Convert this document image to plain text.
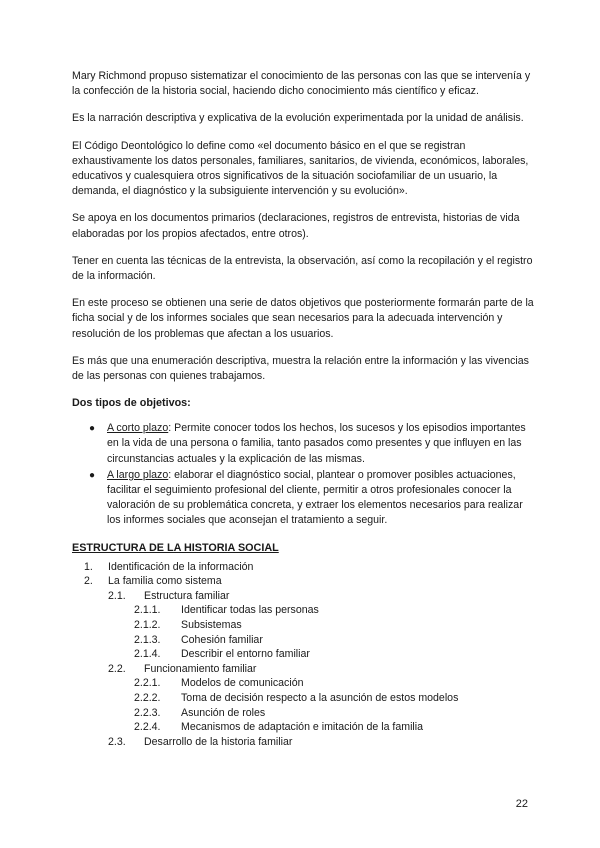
Mary Richmond propuso sistematizar el conocimiento de las personas con las que se intervenía y la confección de la historia social, haciendo dicho conocimiento más científico y eficaz.

Es la narración descriptiva y explicativa de la evolución experimentada por la unidad de análisis.

El Código Deontológico lo define como «el documento básico en el que se registran exhaustivamente los datos personales, familiares, sanitarios, de vivienda, económicos, laborales, educativos y cualesquiera otros significativos de la situación sociofamiliar de un usuario, la demanda, el diagnóstico y la subsiguiente intervención y su evolución».

Se apoya en los documentos primarios (declaraciones, registros de entrevista, historias de vida elaboradas por los propios afectados, entre otros).

Tener en cuenta las técnicas de la entrevista, la observación, así como la recopilación y el registro de la información.

En este proceso se obtienen una serie de datos objetivos que posteriormente formarán parte de la ficha social y de los informes sociales que sean necesarios para la adecuada intervención y resolución de los problemas que afectan a los usuarios.

Es más que una enumeración descriptiva, muestra la relación entre la información y las vivencias de las personas con quienes trabajamos.

Dos tipos de objetivos:
● A corto plazo: Permite conocer todos los hechos, los sucesos y los episodios importantes en la vida de una persona o familia, tanto pasados como presentes y que influyen en las circunstancias actuales y la explicación de las mismas.
● A largo plazo: elaborar el diagnóstico social, plantear o promover posibles actuaciones, facilitar el seguimiento profesional del cliente, permitir a otros profesionales conocer la valoración de su problemática concreta, y extraer los elementos necesarios para realizar los informes sociales que aconsejan el tratamiento a seguir.
ESTRUCTURA DE LA HISTORIA SOCIAL
1. Identificación de la información
2. La familia como sistema
2.1. Estructura familiar
2.1.1. Identificar todas las personas
2.1.2. Subsistemas
2.1.3. Cohesión familiar
2.1.4. Describir el entorno familiar
2.2. Funcionamiento familiar
2.2.1. Modelos de comunicación
2.2.2. Toma de decisión respecto a la asunción de estos modelos
2.2.3. Asunción de roles
2.2.4. Mecanismos de adaptación e imitación de la familia
2.3. Desarrollo de la historia familiar
22
